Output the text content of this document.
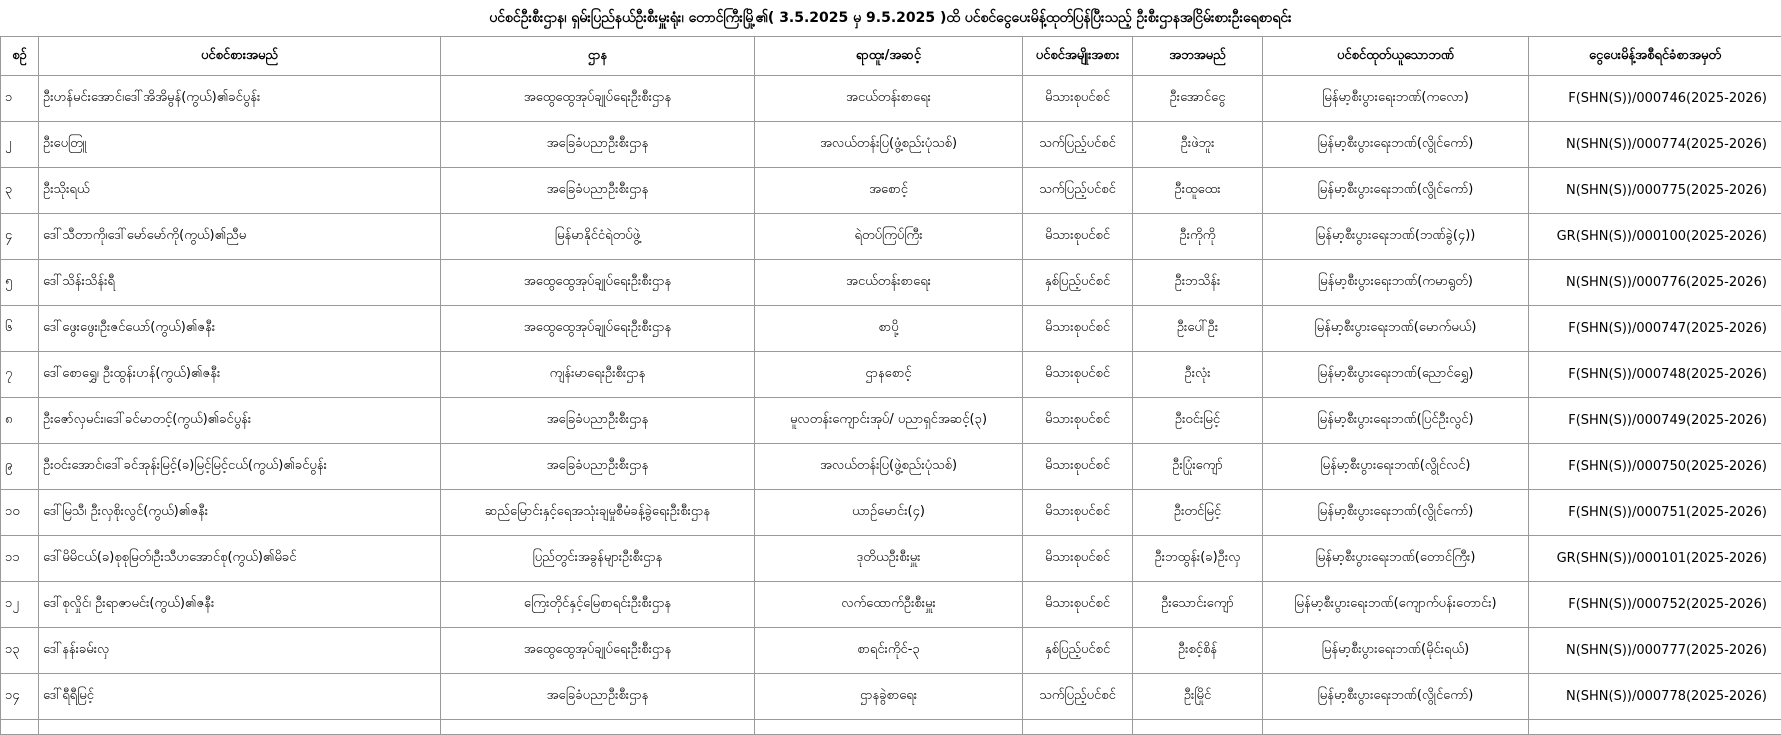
ပင်စင်ဦးစီးဌာန၊ ရှမ်းပြည်နယ်ဦးစီးမှူးရုံး၊ တောင်ကြီးမြို့၏( 3.5.2025 မှ 9.5.2025 )ထိ ပင်စင်ငွေပေးမိန့်ထုတ်ပြန်ပြီးသည့် ဦးစီးဌာနအငြိမ်းစားဦးရေစာရင်း
စဉ်	ပင်စင်စားအမည်	ဌာန	ရာထူး/အဆင့်	ပင်စင်အမျိုးအစား	အဘအမည်	ပင်စင်ထုတ်ယူသောဘဏ်	ငွေပေးမိန့်အစီရင်ခံစာအမှတ်
၁	ဦးဟန်မင်းအောင်၊ဒေါ်အိအိမွန်(ကွယ်)၏ခင်ပွန်း	အထွေထွေအုပ်ချုပ်ရေးဦးစီးဌာန	အငယ်တန်းစာရေး	မိသားစုပင်စင်	ဦးအောင်ငွေ	မြန်မာ့စီးပွားရေးဘဏ်(ကလော)	F(SHN(S))/000746(2025-2026)
၂	ဦးပေတြူ	အခြေခံပညာဦးစီးဌာန	အလယ်တန်းပြ(ဖွံ့စည်းပုံသစ်)	သက်ပြည့်ပင်စင်	ဦးဖဲဘူး	မြန်မာ့စီးပွားရေးဘဏ်(လွိုင်ကော်)	N(SHN(S))/000774(2025-2026)
၃	ဦးသိုးရယ်	အခြေခံပညာဦးစီးဌာန	အစောင့်	သက်ပြည့်ပင်စင်	ဦးထူထေး	မြန်မာ့စီးပွားရေးဘဏ်(လွိုင်ကော်)	N(SHN(S))/000775(2025-2026)
၄	ဒေါ်သီတာကို၊ဒေါ်မော်မော်ကို(ကွယ်)၏ညီမ	မြန်မာနိုင်ငံရဲတပ်ဖွဲ့	ရဲတပ်ကြပ်ကြီး	မိသားစုပင်စင်	ဦးကိုကို	မြန်မာ့စီးပွားရေးဘဏ်(ဘဏ်ခွဲ(၄))	GR(SHN(S))/000100(2025-2026)
၅	ဒေါ်သိန်းသိန်းရီ	အထွေထွေအုပ်ချုပ်ရေးဦးစီးဌာန	အငယ်တန်းစာရေး	နှစ်ပြည့်ပင်စင်	ဦးဘသိန်း	မြန်မာ့စီးပွားရေးဘဏ်(ကမာရွတ်)	N(SHN(S))/000776(2025-2026)
၆	ဒေါ်ဖွေးဖွေး၊ဦးဇင်ယော်(ကွယ်)၏ဇနီး	အထွေထွေအုပ်ချုပ်ရေးဦးစီးဌာန	စာပို့	မိသားစုပင်စင်	ဦးပေါ်ဦး	မြန်မာ့စီးပွားရေးဘဏ်(မောက်မယ်)	F(SHN(S))/000747(2025-2026)
၇	ဒေါ်စောရွှေ၊ ဦးထွန်းဟန်(ကွယ်)၏ဇနီး	ကျန်းမာရေးဦးစီးဌာန	ဌာနစောင့်	မိသားစုပင်စင်	ဦးလုံး	မြန်မာ့စီးပွားရေးဘဏ်(ညောင်ရွှေ)	F(SHN(S))/000748(2025-2026)
၈	ဦးဇော်လှမင်း၊ဒေါ်ခင်မာတင့်(ကွယ်)၏ခင်ပွန်း	အခြေခံပညာဦးစီးဌာန	မူလတန်းကျောင်းအုပ်/ ပညာရှင်အဆင့်(၃)	မိသားစုပင်စင်	ဦးဝင်းမြင့်	မြန်မာ့စီးပွားရေးဘဏ်(ပြင်ဦးလွင်)	F(SHN(S))/000749(2025-2026)
၉	ဦးဝင်းအောင်၊ဒေါ်ခင်အုန်းမြင့်(ခ)မြင့်မြင့်ငယ်(ကွယ်)၏ခင်ပွန်း	အခြေခံပညာဦးစီးဌာန	အလယ်တန်းပြ(ဖွဲ့စည်းပုံသစ်)	မိသားစုပင်စင်	ဦးပြုံးကျော်	မြန်မာ့စီးပွားရေးဘဏ်(လွိုင်လင်)	F(SHN(S))/000750(2025-2026)
၁၀	ဒေါ်မြသီ၊ ဦးလှစိုးလွင်(ကွယ်)၏ဇနီး	ဆည်မြောင်းနှင့်ရေအသုံးချမှုစီမံခန့်ခွဲရေးဦးစီးဌာန	ယာဉ်မောင်း(၄)	မိသားစုပင်စင်	ဦးတင်မြင့်	မြန်မာ့စီးပွားရေးဘဏ်(လွိုင်ကော်)	F(SHN(S))/000751(2025-2026)
၁၁	ဒေါ်မိမိငယ်(ခ)စုစုမြတ်၊ဦးသီဟအောင်စု(ကွယ်)၏မိခင်	ပြည်တွင်းအခွန်များဦးစီးဌာန	ဒုတိယဦးစီးမှူး	မိသားစုပင်စင်	ဦးဘထွန်း(ခ)ဦးလှ	မြန်မာ့စီးပွားရေးဘဏ်(တောင်ကြီး)	GR(SHN(S))/000101(2025-2026)
၁၂	ဒေါ်စုလှိုင်၊ ဦးရာဇာမင်း(ကွယ်)၏ဇနီး	ကြေးတိုင်နှင့်မြေစာရင်းဦးစီးဌာန	လက်ထောက်ဦးစီးမှူး	မိသားစုပင်စင်	ဦးသောင်းကျော်	မြန်မာ့စီးပွားရေးဘဏ်(ကျောက်ပန်းတောင်း)	F(SHN(S))/000752(2025-2026)
၁၃	ဒေါ်နန်းခမ်းလှ	အထွေထွေအုပ်ချုပ်ရေးဦးစီးဌာန	စာရင်းကိုင်-၃	နှစ်ပြည့်ပင်စင်	ဦးစင့်စိန်	မြန်မာ့စီးပွားရေးဘဏ်(မိုင်းရယ်)	N(SHN(S))/000777(2025-2026)
၁၄	ဒေါ်ရီရီမြင့်	အခြေခံပညာဦးစီးဌာန	ဌာနခွဲစာရေး	သက်ပြည့်ပင်စင်	ဦးမြိုင်	မြန်မာ့စီးပွားရေးဘဏ်(လွိုင်ကော်)	N(SHN(S))/000778(2025-2026)
